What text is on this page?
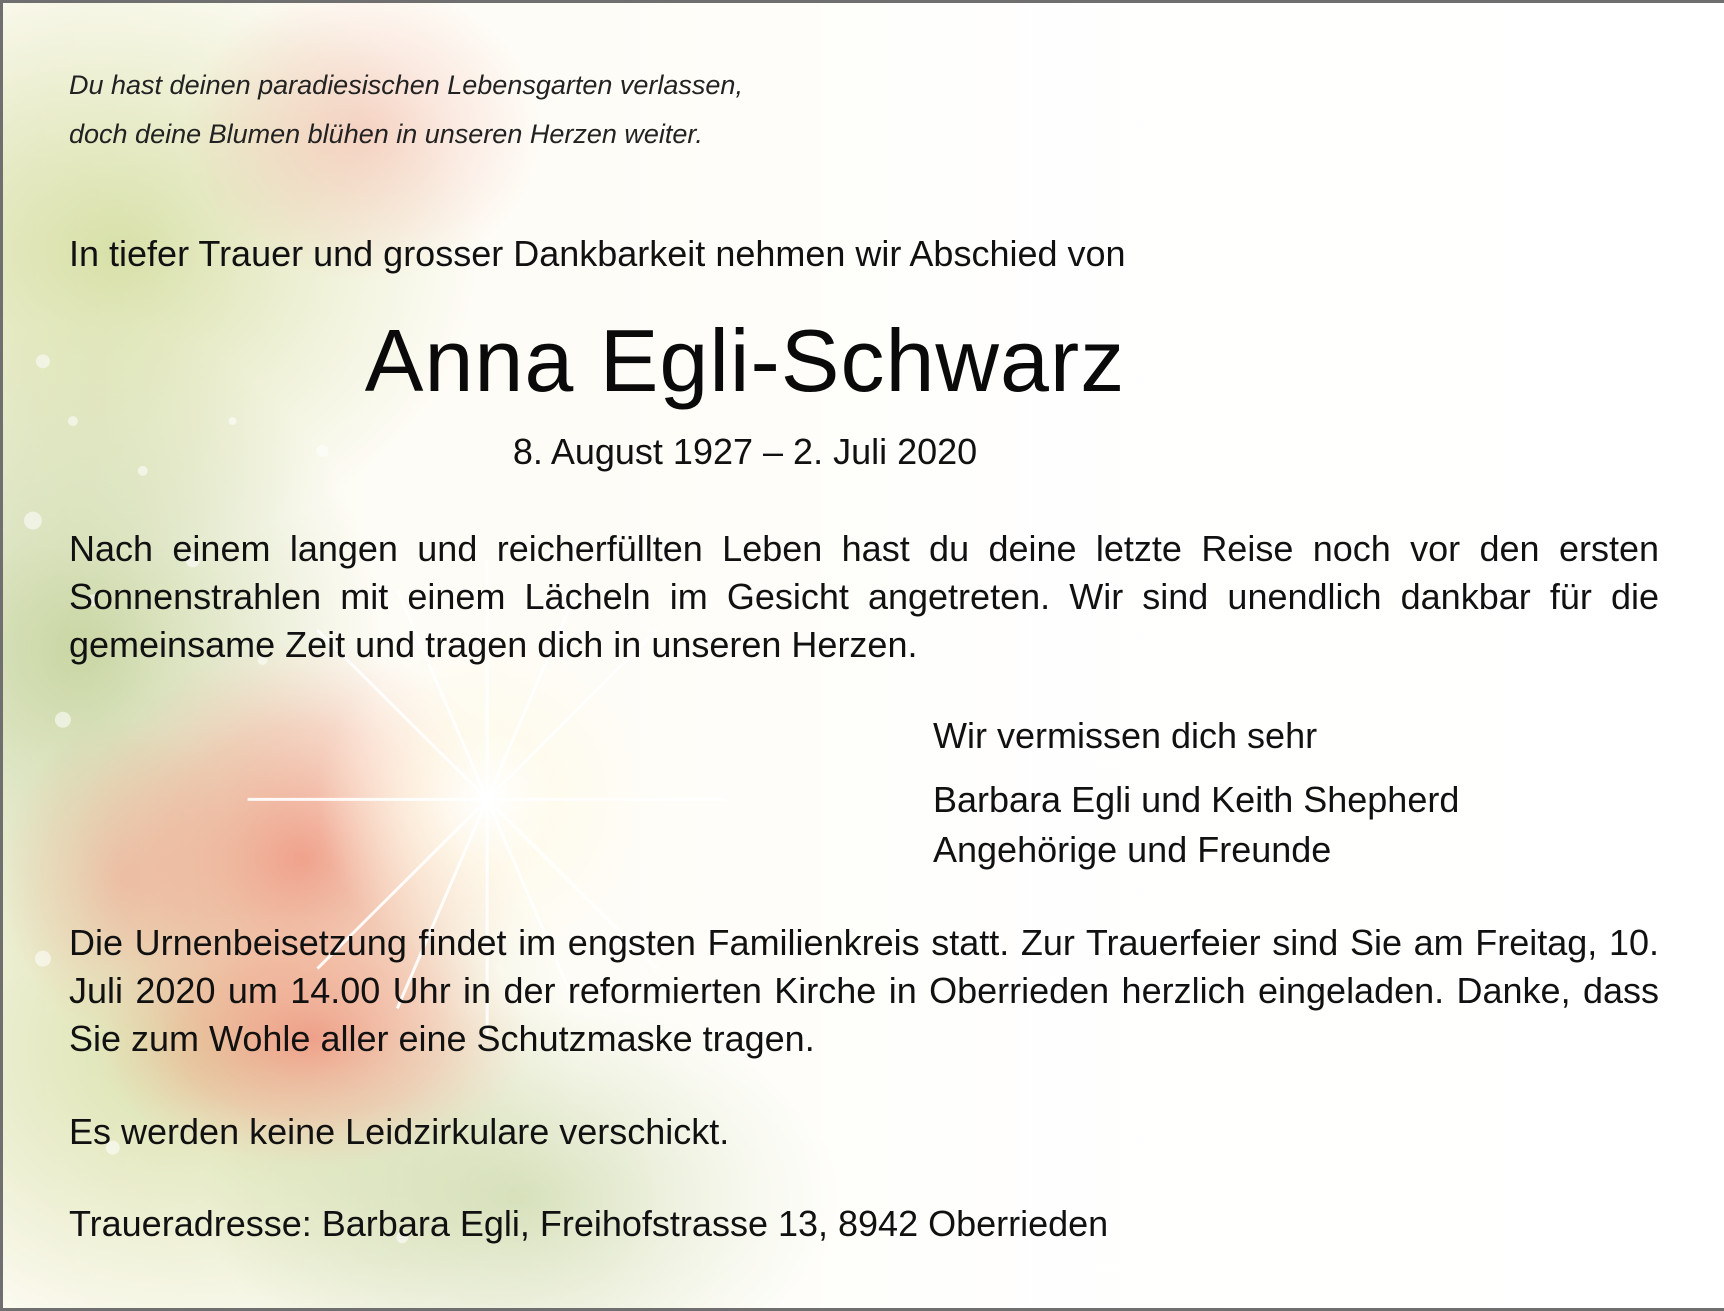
Du hast deinen paradiesischen Lebensgarten verlassen,
doch deine Blumen blühen in unseren Herzen weiter.
In tiefer Trauer und grosser Dankbarkeit nehmen wir Abschied von
Anna Egli-Schwarz
8. August 1927 – 2. Juli 2020
Nach einem langen und reicherfüllten Leben hast du deine letzte Reise noch vor den ersten Sonnenstrahlen mit einem Lächeln im Gesicht angetreten. Wir sind unendlich dankbar für die gemeinsame Zeit und tragen dich in unseren Herzen.
Wir vermissen dich sehr
Barbara Egli und Keith Shepherd
Angehörige und Freunde
Die Urnenbeisetzung findet im engsten Familienkreis statt. Zur Trauerfeier sind Sie am Freitag, 10. Juli 2020 um 14.00 Uhr in der reformierten Kirche in Oberrieden herzlich eingeladen. Danke, dass Sie zum Wohle aller eine Schutzmaske tragen.
Es werden keine Leidzirkulare verschickt.
Traueradresse: Barbara Egli, Freihofstrasse 13, 8942 Oberrieden
